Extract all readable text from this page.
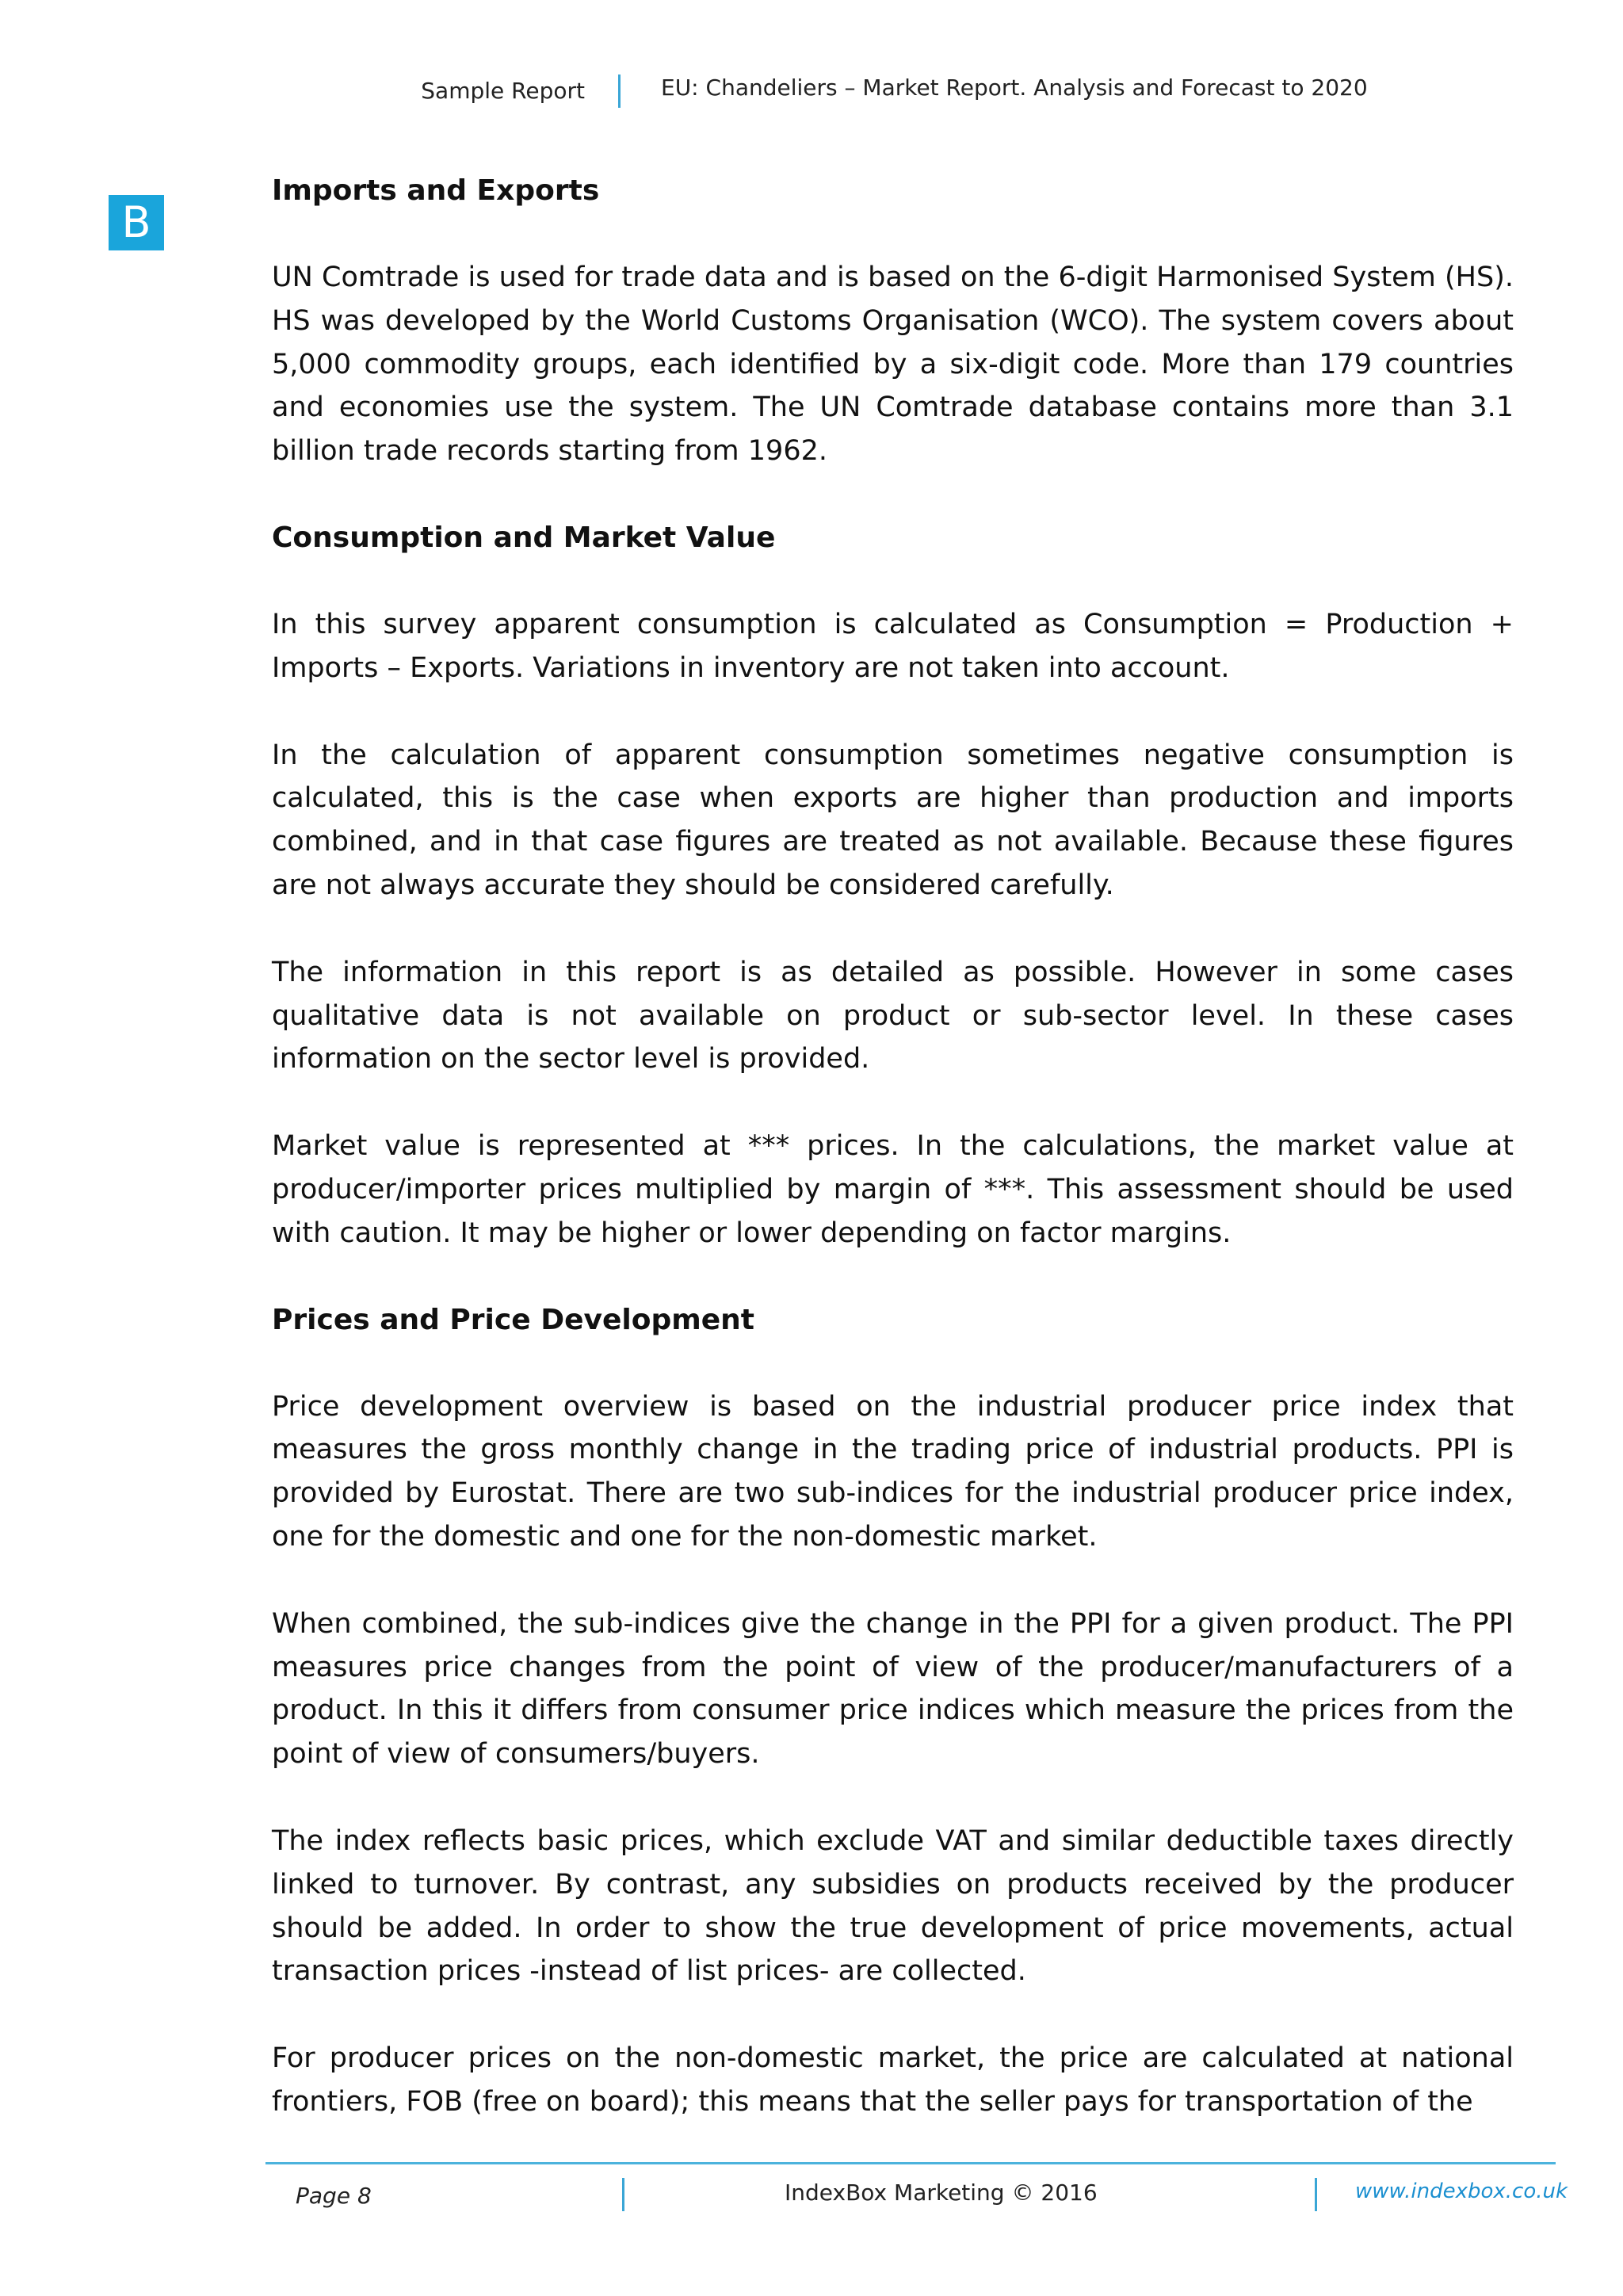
Sample Report	EU: Chandeliers – Market Report. Analysis and Forecast to 2020
B
Imports and Exports

UN Comtrade is used for trade data and is based on the 6-digit Harmonised System (HS). HS was developed by the World Customs Organisation (WCO). The system covers about 5,000 commodity groups, each identified by a six-digit code. More than 179 countries and economies use the system. The UN Comtrade database contains more than 3.1 billion trade records starting from 1962.

Consumption and Market Value

In this survey apparent consumption is calculated as Consumption = Production + Imports – Exports. Variations in inventory are not taken into account.

In the calculation of apparent consumption sometimes negative consumption is calculated, this is the case when exports are higher than production and imports combined, and in that case figures are treated as not available. Because these figures are not always accurate they should be considered carefully.

The information in this report is as detailed as possible. However in some cases qualitative data is not available on product or sub-sector level. In these cases information on the sector level is provided.

Market value is represented at *** prices. In the calculations, the market value at producer/importer prices multiplied by margin of ***. This assessment should be used with caution. It may be higher or lower depending on factor margins.

Prices and Price Development

Price development overview is based on the industrial producer price index that measures the gross monthly change in the trading price of industrial products. PPI is provided by Eurostat. There are two sub-indices for the industrial producer price index, one for the domestic and one for the non-domestic market.

When combined, the sub-indices give the change in the PPI for a given product. The PPI measures price changes from the point of view of the producer/manufacturers of a product. In this it differs from consumer price indices which measure the prices from the point of view of consumers/buyers.

The index reflects basic prices, which exclude VAT and similar deductible taxes directly linked to turnover. By contrast, any subsidies on products received by the producer should be added. In order to show the true development of price movements, actual transaction prices -instead of list prices- are collected.

For producer prices on the non-domestic market, the price are calculated at national frontiers, FOB (free on board); this means that the seller pays for transportation of the

Page 8	IndexBox Marketing © 2016	www.indexbox.co.uk
